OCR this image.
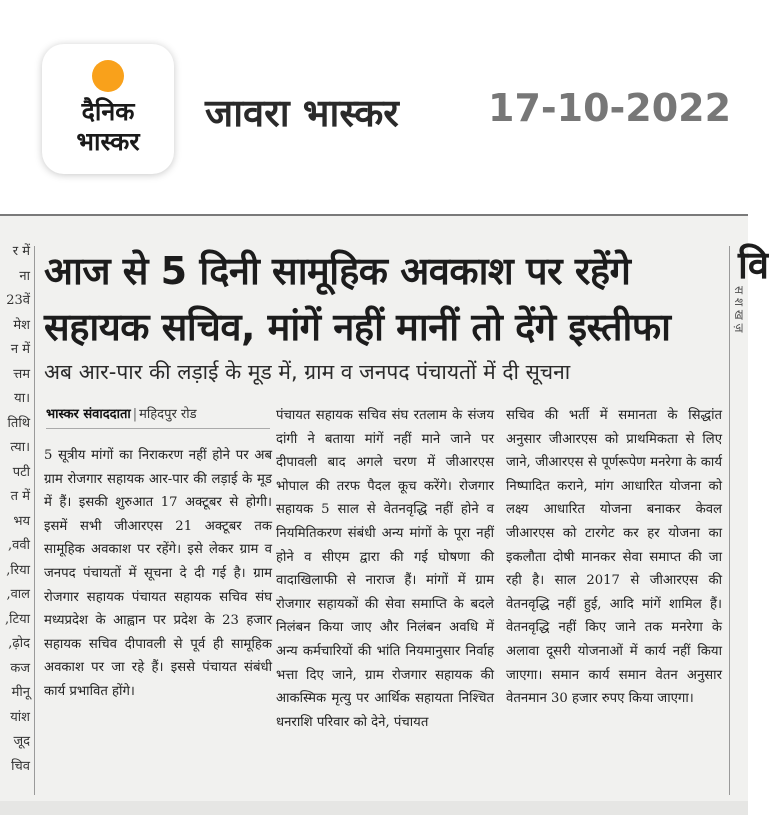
दैनिक
भास्कर
जावरा भास्कर 17-10-2022
र में
ना
23वें
मेश
न में
त्तम
या।
तिथि
त्या।
पटी
त में
भय
ववी,
रिया,
वाल,
टिया,
ढ़ोद,
कज
मीनू
यांश
जूद
चिव
आज से 5 दिनी सामूहिक अवकाश पर रहेंगे
सहायक सचिव, मांगें नहीं मानीं तो देंगे इस्तीफा
अब आर-पार की लड़ाई के मूड में, ग्राम व जनपद पंचायतों में दी सूचना
भास्कर संवाददाता | महिदपुर रोड

5 सूत्रीय मांगों का निराकरण नहीं होने पर अब ग्राम रोजगार सहायक आर-पार की लड़ाई के मूड में हैं। इसकी शुरुआत 17 अक्टूबर से होगी। इसमें सभी जीआरएस 21 अक्टूबर तक सामूहिक अवकाश पर रहेंगे। इसे लेकर ग्राम व जनपद पंचायतों में सूचना दे दी गई है। ग्राम रोजगार सहायक पंचायत सहायक सचिव संघ मध्यप्रदेश के आह्वान पर प्रदेश के 23 हजार सहायक सचिव दीपावली से पूर्व ही सामूहिक अवकाश पर जा रहे हैं। इससे पंचायत संबंधी कार्य प्रभावित होंगे।

पंचायत सहायक सचिव संघ रतलाम के संजय दांगी ने बताया मांगें नहीं माने जाने पर दीपावली बाद अगले चरण में जीआरएस भोपाल की तरफ पैदल कूच करेंगे। रोजगार सहायक 5 साल से वेतनवृद्धि नहीं होने व नियमितिकरण संबंधी अन्य मांगों के पूरा नहीं होने व सीएम द्वारा की गई घोषणा की वादाखिलाफी से नाराज हैं। मांगों में ग्राम रोजगार सहायकों की सेवा समाप्ति के बदले निलंबन किया जाए और निलंबन अवधि में अन्य कर्मचारियों की भांति नियमानुसार निर्वाह भत्ता दिए जाने, ग्राम रोजगार सहायक की आकस्मिक मृत्यु पर आर्थिक सहायता निश्चित धनराशि परिवार को देने, पंचायत

सचिव की भर्ती में समानता के सिद्धांत अनुसार जीआरएस को प्राथमिकता से लिए जाने, जीआरएस से पूर्णरूपेण मनरेगा के कार्य निष्पादित कराने, मांग आधारित योजना को लक्ष्य आधारित योजना बनाकर केवल जीआरएस को टारगेट कर हर योजना का इकलौता दोषी मानकर सेवा समाप्त की जा रही है। साल 2017 से जीआरएस की वेतनवृद्धि नहीं हुई, आदि मांगें शामिल हैं। वेतनवृद्धि नहीं किए जाने तक मनरेगा के अलावा दूसरी योजनाओं में कार्य नहीं किया जाएगा। समान कार्य समान वेतन अनुसार वेतनमान 30 हजार रुपए किया जाएगा।

वि
स श ख ज़
